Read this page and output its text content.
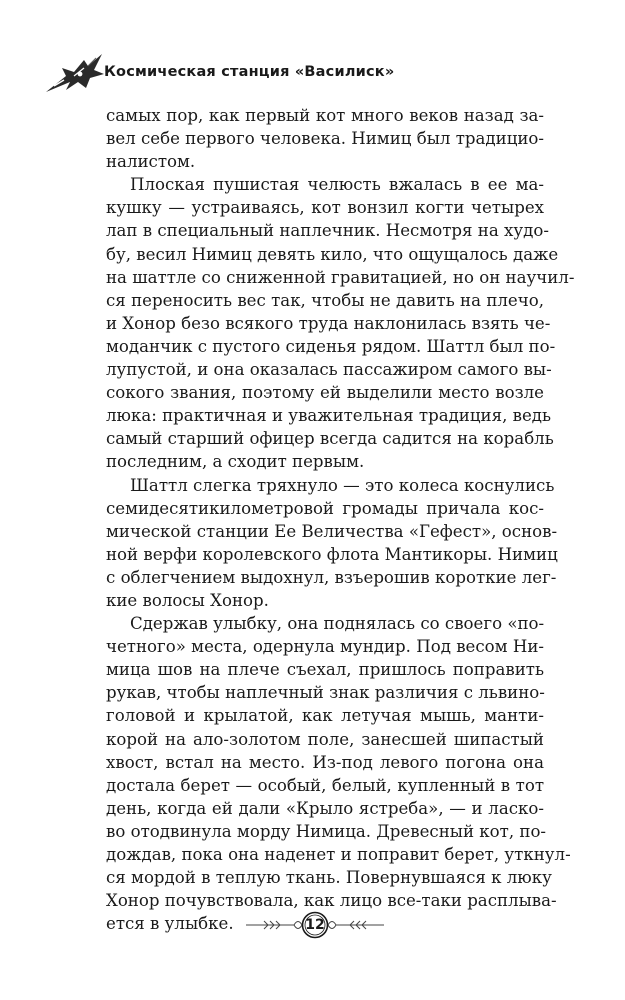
Космическая станция «Василиск»
самых пор, как первый кот много веков назад за-
вел себе первого человека. Нимиц был традицио-
налистом.
Плоская пушистая челюсть вжалась в ее ма-
кушку — устраиваясь, кот вонзил когти четырех
лап в специальный наплечник. Несмотря на худо-
бу, весил Нимиц девять кило, что ощущалось даже
на шаттле со сниженной гравитацией, но он научил-
ся переносить вес так, чтобы не давить на плечо,
и Хонор безо всякого труда наклонилась взять че-
моданчик с пустого сиденья рядом. Шаттл был по-
лупустой, и она оказалась пассажиром самого вы-
сокого звания, поэтому ей выделили место возле
люка: практичная и уважительная традиция, ведь
самый старший офицер всегда садится на корабль
последним, а сходит первым.
Шаттл слегка тряхнуло — это колеса коснулись
семидесятикилометровой громады причала кос-
мической станции Ее Величества «Гефест», основ-
ной верфи королевского флота Мантикоры. Нимиц
с облегчением выдохнул, взъерошив короткие лег-
кие волосы Хонор.
Сдержав улыбку, она поднялась со своего «по-
четного» места, одернула мундир. Под весом Ни-
мица шов на плече съехал, пришлось поправить
рукав, чтобы наплечный знак различия с львино-
головой и крылатой, как летучая мышь, манти-
корой на ало-золотом поле, занесшей шипастый
хвост, встал на место. Из-под левого погона она
достала берет — особый, белый, купленный в тот
день, когда ей дали «Крыло ястреба», — и ласко-
во отодвинула морду Нимица. Древесный кот, по-
дождав, пока она наденет и поправит берет, уткнул-
ся мордой в теплую ткань. Повернувшаяся к люку
Хонор почувствовала, как лицо все-таки расплыва-
ется в улыбке.	12
